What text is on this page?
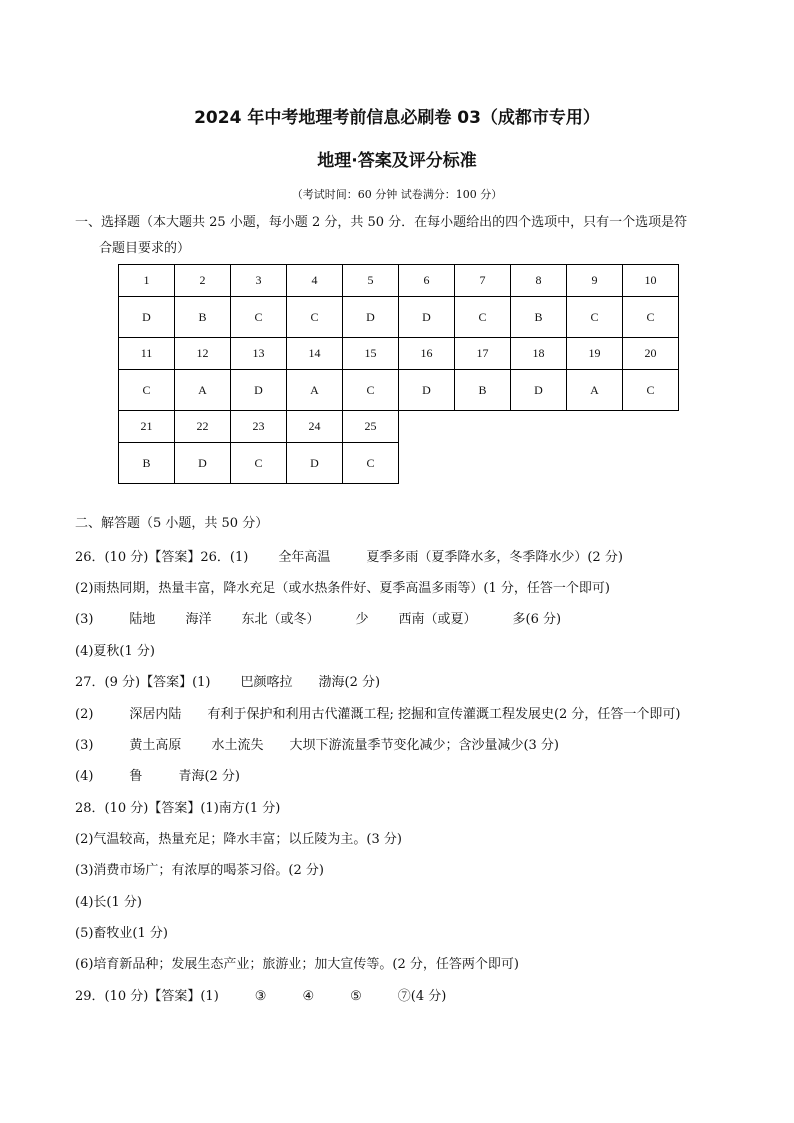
2024 年中考地理考前信息必刷卷 03（成都市专用）
地理·答案及评分标准
（考试时间：60 分钟 试卷满分：100 分）
一、选择题（本大题共 25 小题，每小题 2 分，共 50 分．在每小题给出的四个选项中，只有一个选项是符
合题目要求的）
1	2	3	4	5	6	7	8	9	10
D	B	C	C	D	D	C	B	C	C
11	12	13	14	15	16	17	18	19	20
C	A	D	A	C	D	B	D	A	C
21	22	23	24	25					
B	D	C	D	C					
二、解答题（5 小题，共 50 分）
26．(10 分)【答案】26．(1) 全年高温	夏季多雨（夏季降水多，冬季降水少）(2 分)
(2)雨热同期，热量丰富，降水充足（或水热条件好、夏季高温多雨等）(1 分，任答一个即可)
(3)	陆地 海洋 东北（或冬）	少 西南（或夏）	多(6 分)
(4)夏秋(1 分)
27．(9 分)【答案】(1) 巴颜喀拉 渤海(2 分)
(2)	深居内陆 有利于保护和利用古代灌溉工程; 挖掘和宣传灌溉工程发展史(2 分，任答一个即可)
(3)	黄土高原 水土流失 大坝下游流量季节变化减少；含沙量减少(3 分)
(4)	鲁	青海(2 分)
28．(10 分)【答案】(1)南方(1 分)
(2)气温较高，热量充足；降水丰富；以丘陵为主。(3 分)
(3)消费市场广；有浓厚的喝茶习俗。(2 分)
(4)长(1 分)
(5)畜牧业(1 分)
(6)培育新品种；发展生态产业；旅游业；加大宣传等。(2 分，任答两个即可)
29．(10 分)【答案】(1)	③	④	⑤	⑦(4 分)
